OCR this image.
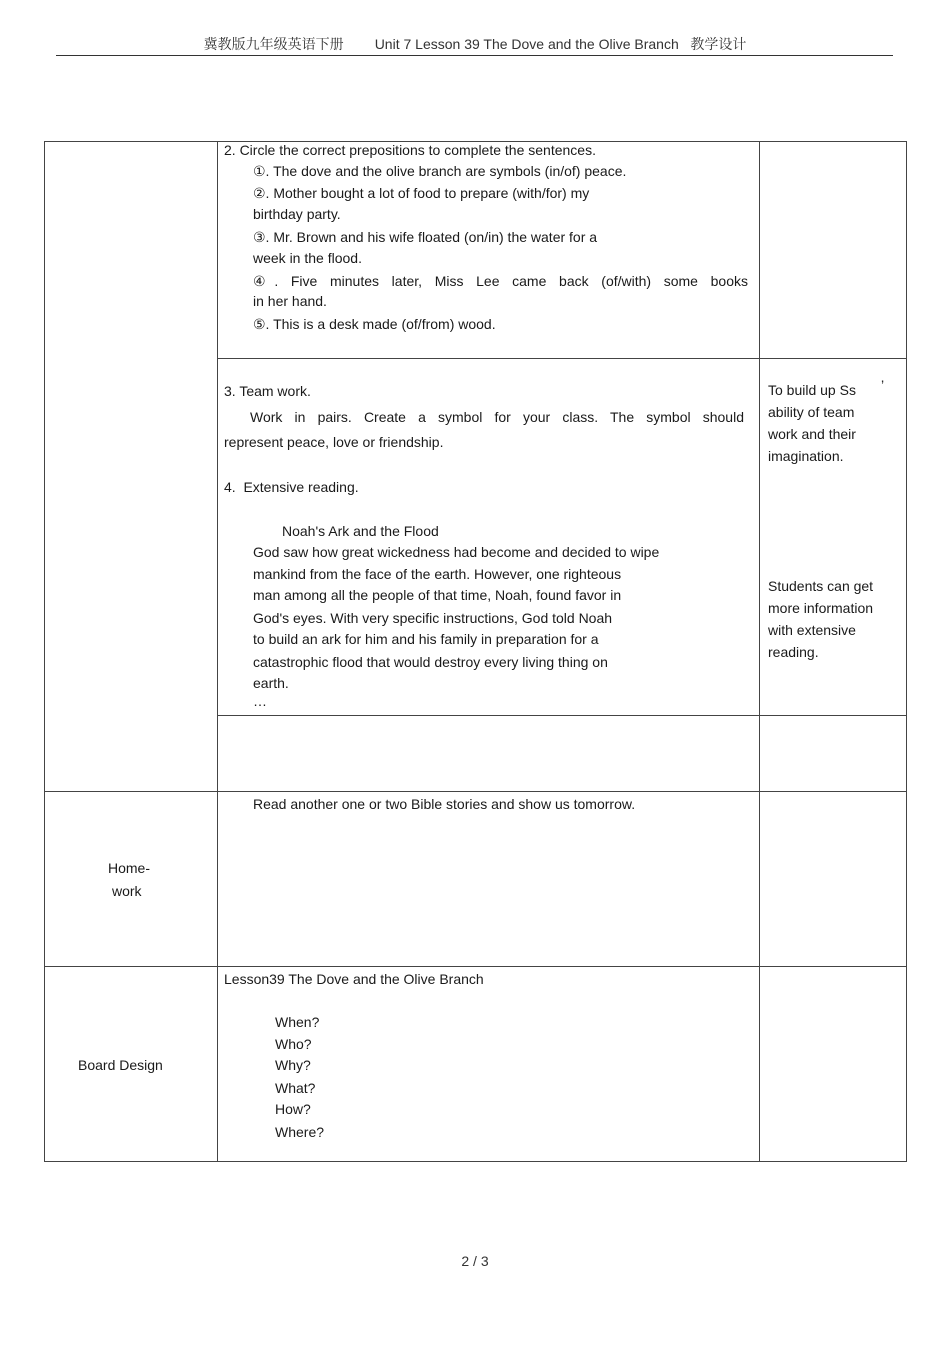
冀教版九年级英语下册        Unit 7 Lesson 39 The Dove and the Olive Branch   教学设计
2. Circle the correct prepositions to complete the sentences.
①. The dove and the olive branch are symbols (in/of) peace.
②. Mother bought a lot of food to prepare (with/for) my
birthday party.
③. Mr. Brown and his wife floated (on/in) the water for a
week in the flood.
④. Five minutes later, Miss Lee came back (of/with) some books
in her hand.
⑤. This is a desk made (of/from) wood.
3. Team work.
Work in pairs. Create a symbol for your class. The symbol should
represent peace, love or friendship.
4.  Extensive reading.
Noah's Ark and the Flood
God saw how great wickedness had become and decided to wipe
mankind from the face of the earth. However, one righteous
man among all the people of that time, Noah, found favor in
God's eyes. With very specific instructions, God told Noah
to build an ark for him and his family in preparation for a
catastrophic flood that would destroy every living thing on
earth.
…
To build up Ss ’
ability of team
work and their
imagination.
Students can get
more information
with extensive
reading.
Home-
work
Read another one or two Bible stories and show us tomorrow.
Board Design
Lesson39 The Dove and the Olive Branch
When?
Who?
Why?
What?
How?
Where?
2 / 3
